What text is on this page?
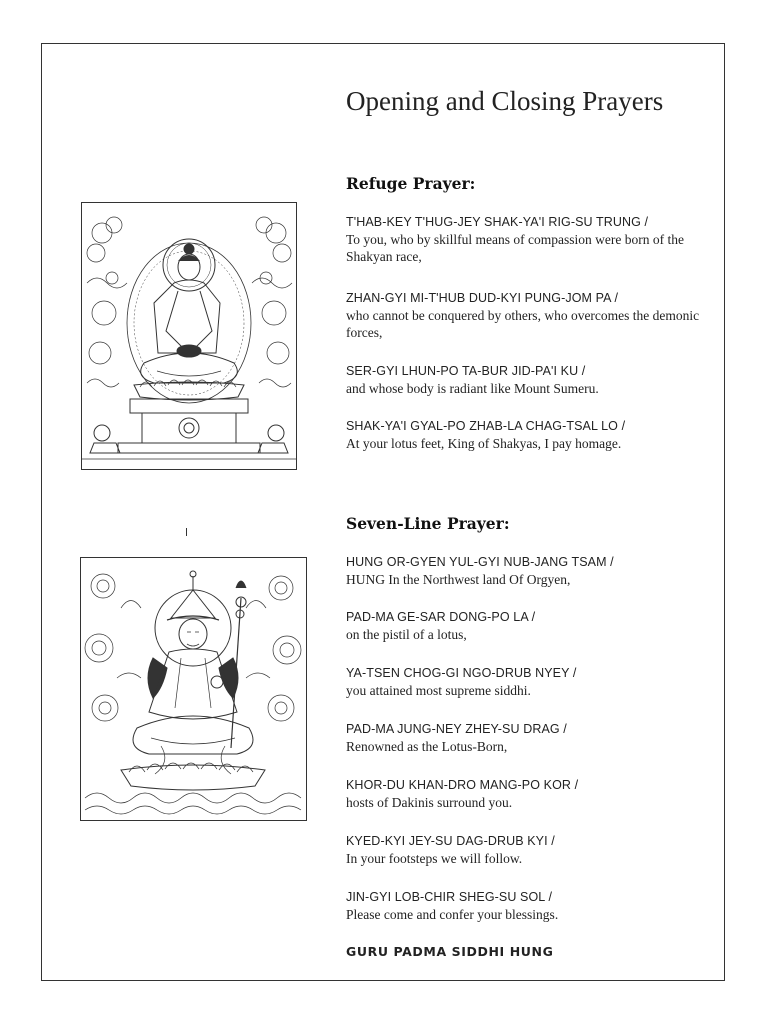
Opening and Closing Prayers
Refuge Prayer:
T'HAB-KEY T'HUG-JEY SHAK-YA'I RIG-SU TRUNG /
To you, who by skillful means of compassion were born of the Shakyan race,
ZHAN-GYI MI-T'HUB DUD-KYI PUNG-JOM PA /
who cannot be conquered by others, who overcomes the demonic forces,
SER-GYI LHUN-PO TA-BUR JID-PA'I KU /
and whose body is radiant like Mount Sumeru.
SHAK-YA'I GYAL-PO ZHAB-LA CHAG-TSAL LO /
At your lotus feet, King of Shakyas, I pay homage.
Seven-Line Prayer:
HUNG OR-GYEN YUL-GYI NUB-JANG TSAM /
HUNG In the Northwest land Of Orgyen,
PAD-MA GE-SAR DONG-PO LA /
on the pistil of a lotus,
YA-TSEN CHOG-GI NGO-DRUB NYEY /
you attained most supreme siddhi.
PAD-MA JUNG-NEY ZHEY-SU DRAG /
Renowned as the Lotus-Born,
KHOR-DU KHAN-DRO MANG-PO KOR /
hosts of Dakinis surround you.
KYED-KYI JEY-SU DAG-DRUB KYI /
In your footsteps we will follow.
JIN-GYI LOB-CHIR SHEG-SU SOL /
Please come and confer your blessings.
GURU PADMA SIDDHI HUNG
